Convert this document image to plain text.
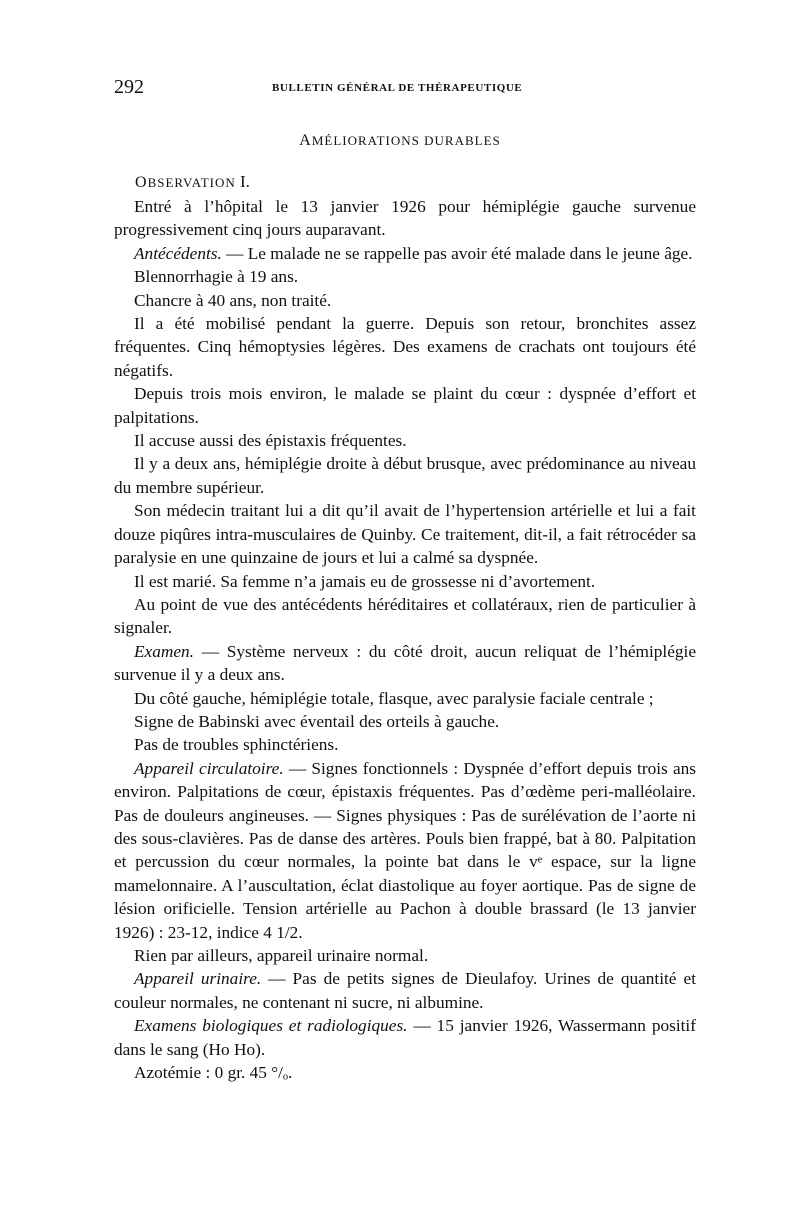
292	BULLETIN GÉNÉRAL DE THÉRAPEUTIQUE
AMÉLIORATIONS DURABLES
OBSERVATION I.

Entré à l’hôpital le 13 janvier 1926 pour hémiplégie gauche survenue progressivement cinq jours auparavant.

Antécédents. — Le malade ne se rappelle pas avoir été malade dans le jeune âge.

Blennorrhagie à 19 ans.

Chancre à 40 ans, non traité.

Il a été mobilisé pendant la guerre. Depuis son retour, bronchites assez fréquentes. Cinq hémoptysies légères. Des examens de crachats ont toujours été négatifs.

Depuis trois mois environ, le malade se plaint du cœur : dyspnée d’effort et palpitations.

Il accuse aussi des épistaxis fréquentes.

Il y a deux ans, hémiplégie droite à début brusque, avec prédominance au niveau du membre supérieur.

Son médecin traitant lui a dit qu’il avait de l’hypertension artérielle et lui a fait douze piqûres intra-musculaires de Quinby. Ce traitement, dit-il, a fait rétrocéder sa paralysie en une quinzaine de jours et lui a calmé sa dyspnée.

Il est marié. Sa femme n’a jamais eu de grossesse ni d’avortement.

Au point de vue des antécédents héréditaires et collatéraux, rien de particulier à signaler.

Examen. — Système nerveux : du côté droit, aucun reliquat de l’hémiplégie survenue il y a deux ans.

Du côté gauche, hémiplégie totale, flasque, avec paralysie faciale centrale ;

Signe de Babinski avec éventail des orteils à gauche.

Pas de troubles sphinctériens.

Appareil circulatoire. — Signes fonctionnels : Dyspnée d’effort depuis trois ans environ. Palpitations de cœur, épistaxis fréquentes. Pas d’œdème peri-malléolaire. Pas de douleurs angineuses. — Signes physiques : Pas de surélévation de l’aorte ni des sous-clavières. Pas de danse des artères. Pouls bien frappé, bat à 80. Palpitation et percussion du cœur normales, la pointe bat dans le vᵉ espace, sur la ligne mamelonnaire. A l’auscultation, éclat diastolique au foyer aortique. Pas de signe de lésion orificielle. Tension artérielle au Pachon à double brassard (le 13 janvier 1926) : 23-12, indice 4 1/2.

Rien par ailleurs, appareil urinaire normal.

Appareil urinaire. — Pas de petits signes de Dieulafoy. Urines de quantité et couleur normales, ne contenant ni sucre, ni albumine.

Examens biologiques et radiologiques. — 15 janvier 1926, Wassermann positif dans le sang (Ho Ho).

Azotémie : 0 gr. 45 °/ₒ.
